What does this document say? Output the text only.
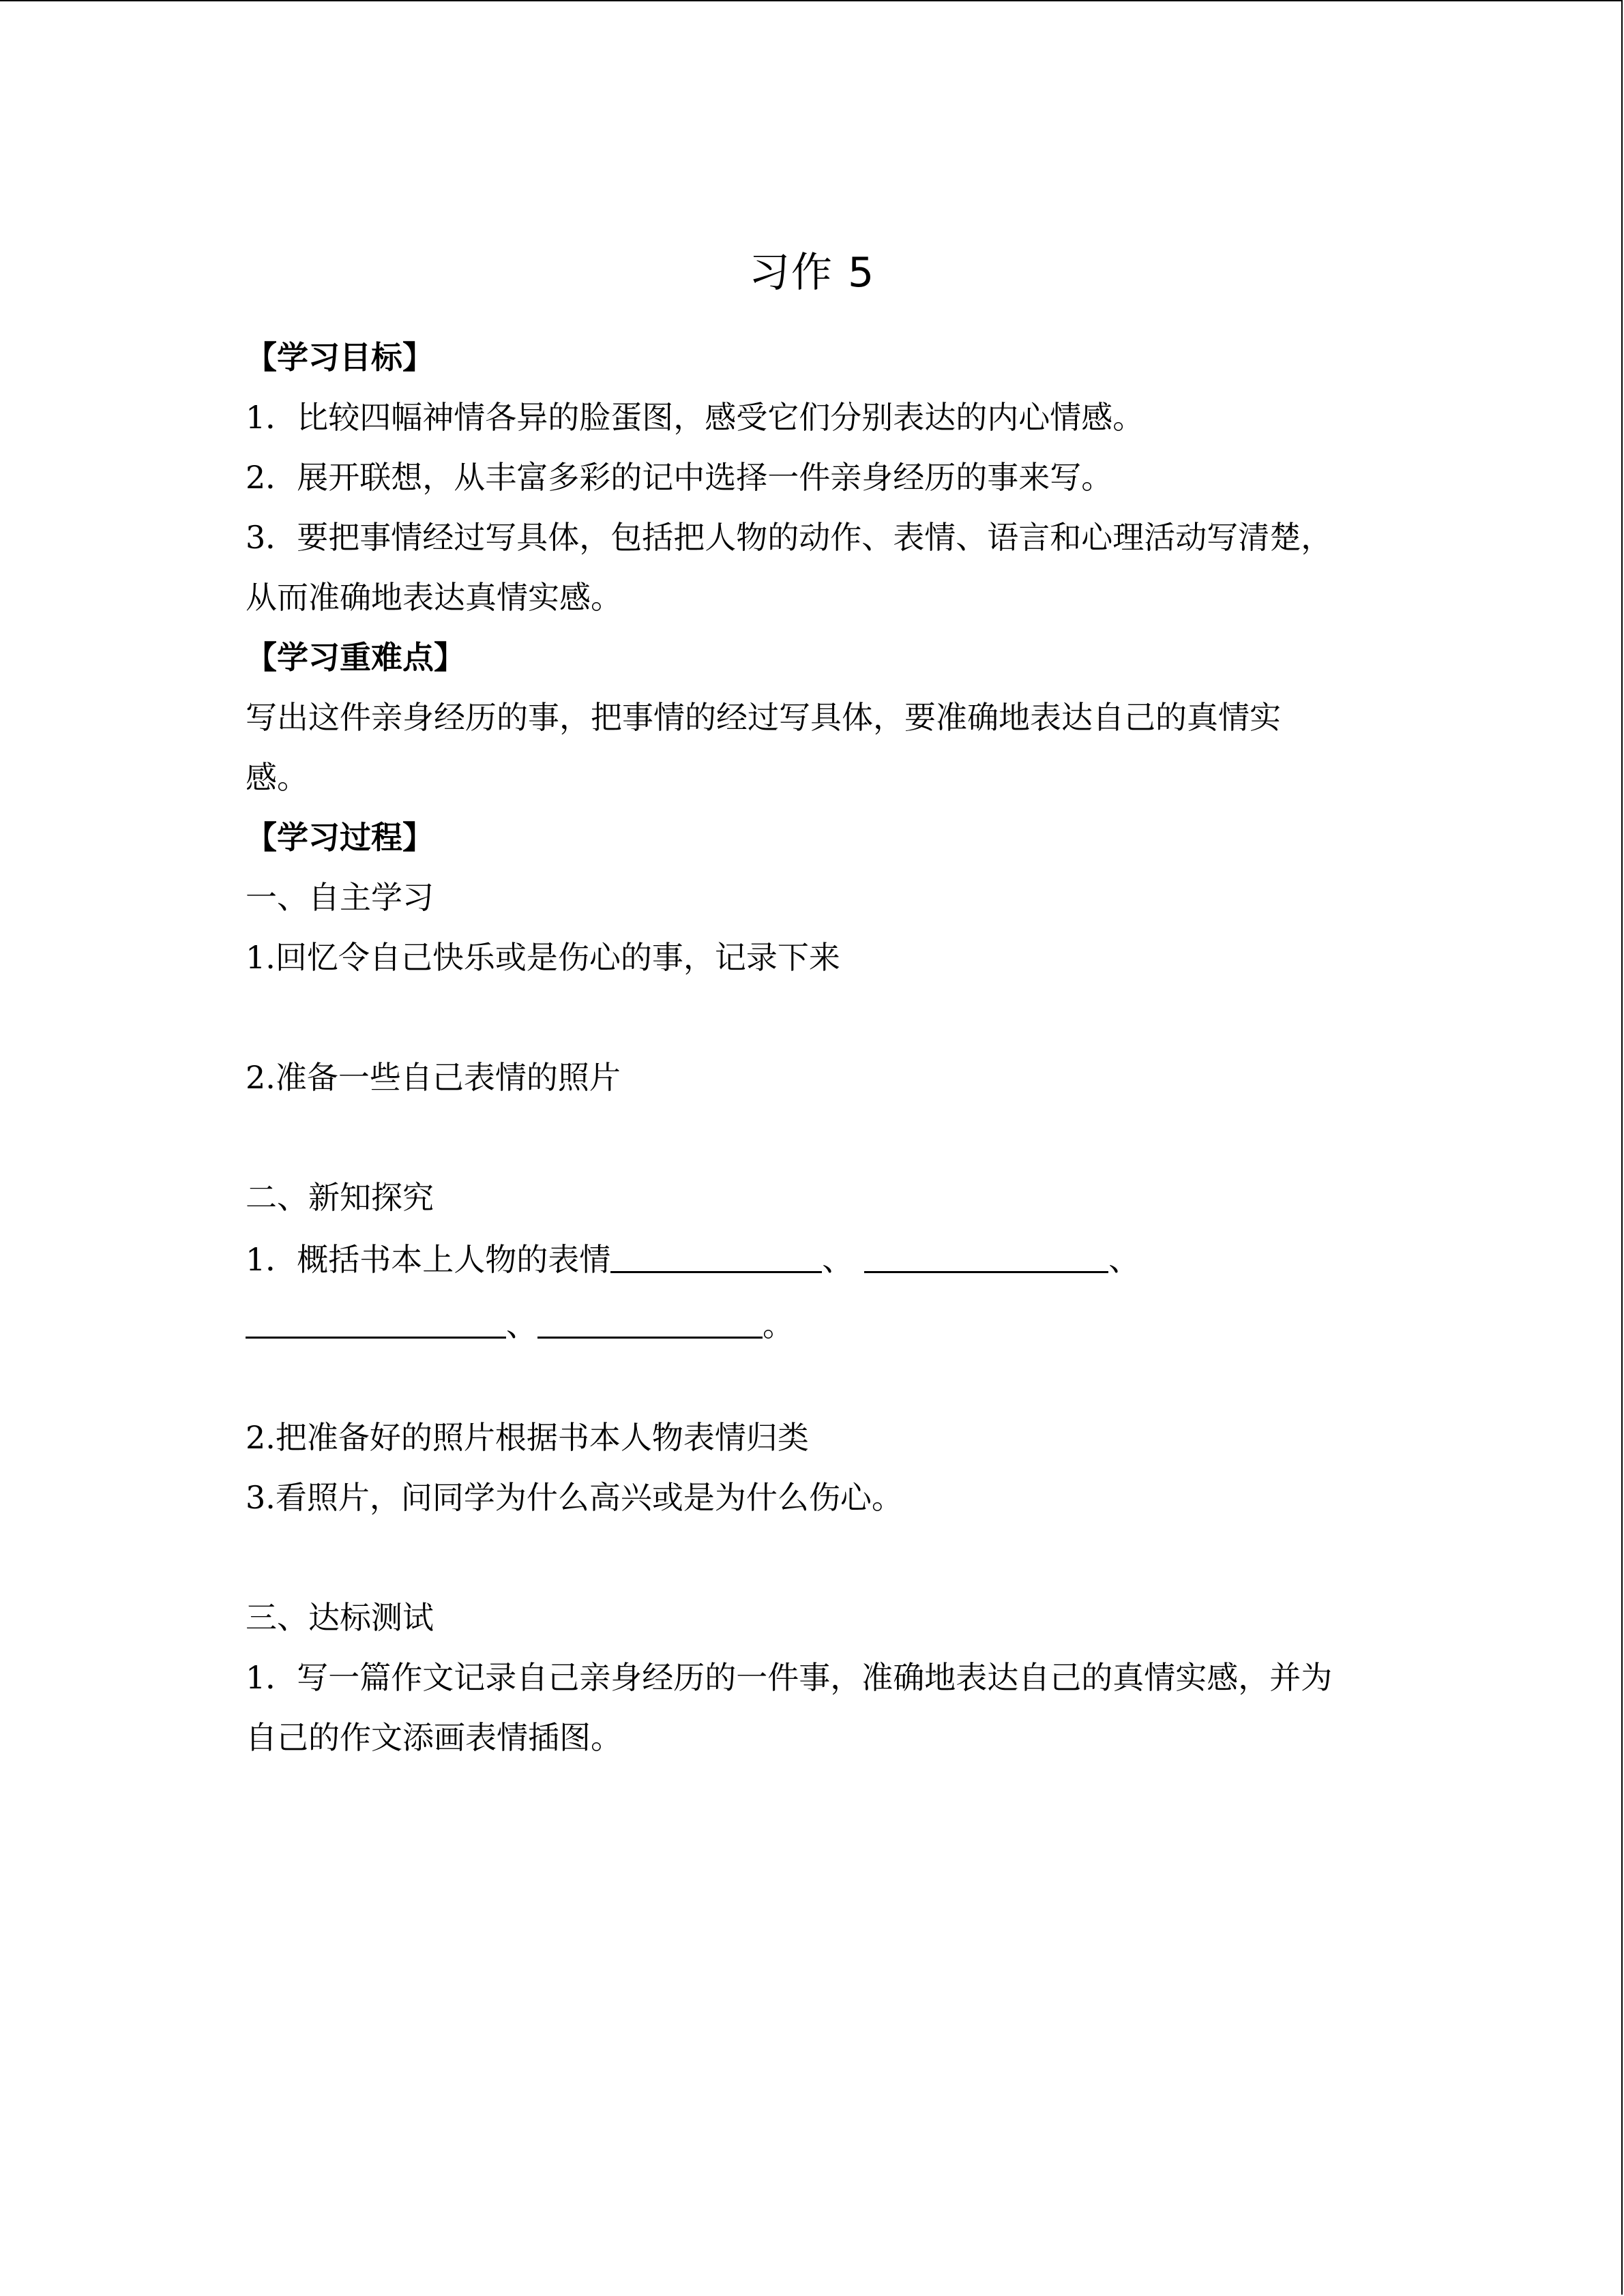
习作 5
【学习目标】
1．比较四幅神情各异的脸蛋图，感受它们分别表达的内心情感。
2．展开联想，从丰富多彩的记中选择一件亲身经历的事来写。
3．要把事情经过写具体，包括把人物的动作、表情、语言和心理活动写清楚，
从而准确地表达真情实感。
【学习重难点】
写出这件亲身经历的事，把事情的经过写具体，要准确地表达自己的真情实
感。
【学习过程】
一、自主学习
1.回忆令自己快乐或是伤心的事，记录下来
2.准备一些自己表情的照片
二、新知探究
1．概括书本上人物的表情	、	、
、	。
2.把准备好的照片根据书本人物表情归类
3.看照片，问同学为什么高兴或是为什么伤心。
三、达标测试
1．写一篇作文记录自己亲身经历的一件事，准确地表达自己的真情实感，并为
自己的作文添画表情插图。
